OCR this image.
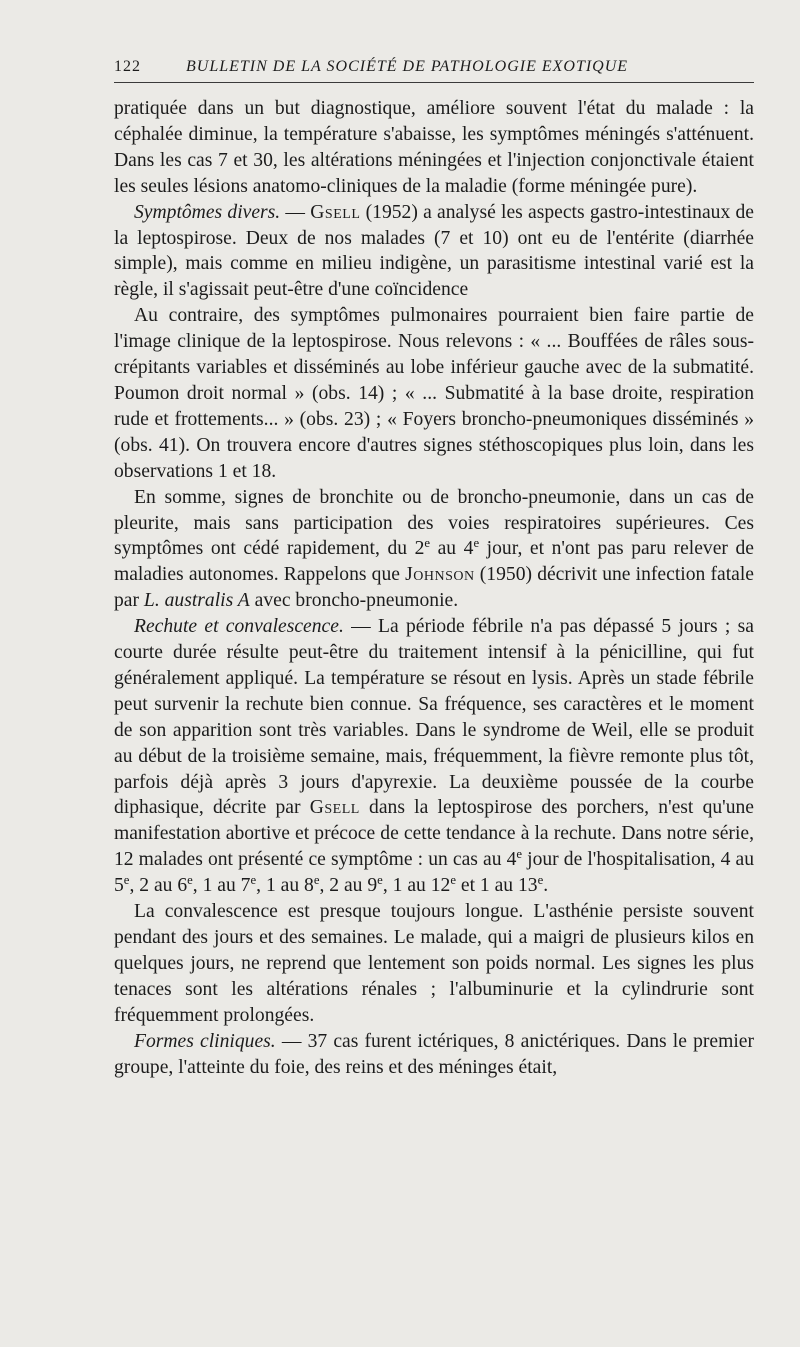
122	BULLETIN DE LA SOCIÉTÉ DE PATHOLOGIE EXOTIQUE

pratiquée dans un but diagnostique, améliore souvent l'état du malade : la céphalée diminue, la température s'abaisse, les symptômes méningés s'atténuent. Dans les cas 7 et 30, les altérations méningées et l'injection conjonctivale étaient les seules lésions anatomo-cliniques de la maladie (forme méningée pure).

Symptômes divers. — Gsell (1952) a analysé les aspects gastro-intestinaux de la leptospirose. Deux de nos malades (7 et 10) ont eu de l'entérite (diarrhée simple), mais comme en milieu indigène, un parasitisme intestinal varié est la règle, il s'agissait peut-être d'une coïncidence

Au contraire, des symptômes pulmonaires pourraient bien faire partie de l'image clinique de la leptospirose. Nous relevons : « ... Bouffées de râles sous-crépitants variables et disséminés au lobe inférieur gauche avec de la submatité. Poumon droit normal » (obs. 14) ; « ... Submatité à la base droite, respiration rude et frottements... » (obs. 23) ; « Foyers broncho-pneumoniques disséminés » (obs. 41). On trouvera encore d'autres signes stéthoscopiques plus loin, dans les observations 1 et 18.

En somme, signes de bronchite ou de broncho-pneumonie, dans un cas de pleurite, mais sans participation des voies respiratoires supérieures. Ces symptômes ont cédé rapidement, du 2e au 4e jour, et n'ont pas paru relever de maladies autonomes. Rappelons que Johnson (1950) décrivit une infection fatale par L. australis A avec broncho-pneumonie.

Rechute et convalescence. — La période fébrile n'a pas dépassé 5 jours ; sa courte durée résulte peut-être du traitement intensif à la pénicilline, qui fut généralement appliqué. La température se résout en lysis. Après un stade fébrile peut survenir la rechute bien connue. Sa fréquence, ses caractères et le moment de son apparition sont très variables. Dans le syndrome de Weil, elle se produit au début de la troisième semaine, mais, fréquemment, la fièvre remonte plus tôt, parfois déjà après 3 jours d'apyrexie. La deuxième poussée de la courbe diphasique, décrite par Gsell dans la leptospirose des porchers, n'est qu'une manifestation abortive et précoce de cette tendance à la rechute. Dans notre série, 12 malades ont présenté ce symptôme : un cas au 4e jour de l'hospitalisation, 4 au 5e, 2 au 6e, 1 au 7e, 1 au 8e, 2 au 9e, 1 au 12e et 1 au 13e.

La convalescence est presque toujours longue. L'asthénie persiste souvent pendant des jours et des semaines. Le malade, qui a maigri de plusieurs kilos en quelques jours, ne reprend que lentement son poids normal. Les signes les plus tenaces sont les altérations rénales ; l'albuminurie et la cylindrurie sont fréquemment prolongées.

Formes cliniques. — 37 cas furent ictériques, 8 anictériques. Dans le premier groupe, l'atteinte du foie, des reins et des méninges était,
